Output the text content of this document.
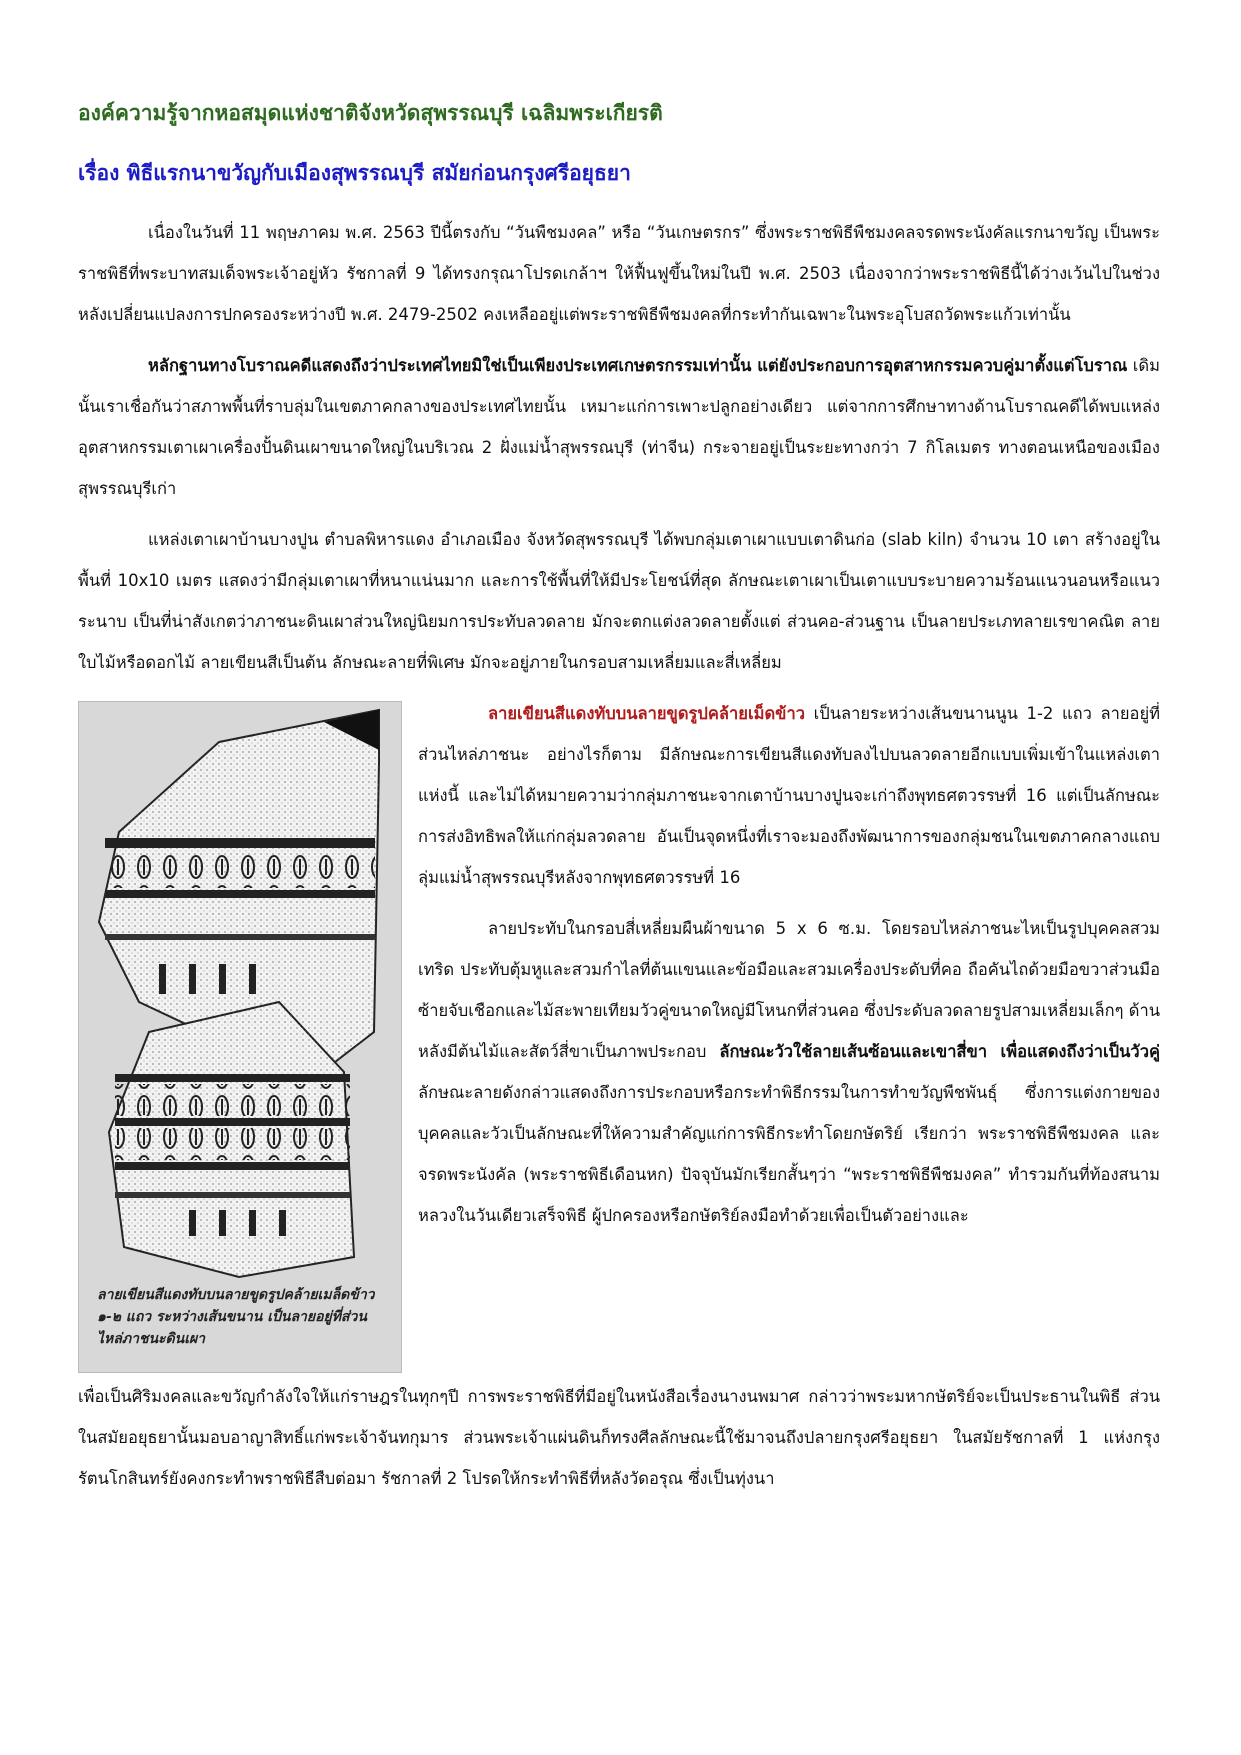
องค์ความรู้จากหอสมุดแห่งชาติจังหวัดสุพรรณบุรี เฉลิมพระเกียรติ
เรื่อง พิธีแรกนาขวัญกับเมืองสุพรรณบุรี สมัยก่อนกรุงศรีอยุธยา

เนื่องในวันที่ 11 พฤษภาคม พ.ศ. 2563 ปีนี้ตรงกับ “วันพืชมงคล” หรือ “วันเกษตรกร” ซึ่งพระราชพิธีพืชมงคลจรดพระนังคัลแรกนาขวัญ เป็นพระราชพิธีที่พระบาทสมเด็จพระเจ้าอยู่หัว รัชกาลที่ 9 ได้ทรงกรุณาโปรดเกล้าฯ ให้ฟื้นฟูขึ้นใหม่ในปี พ.ศ. 2503 เนื่องจากว่าพระราชพิธีนี้ได้ว่างเว้นไปในช่วงหลังเปลี่ยนแปลงการปกครองระหว่างปี พ.ศ. 2479-2502 คงเหลืออยู่แต่พระราชพิธีพืชมงคลที่กระทำกันเฉพาะในพระอุโบสถวัดพระแก้วเท่านั้น

หลักฐานทางโบราณคดีแสดงถึงว่าประเทศไทยมิใช่เป็นเพียงประเทศเกษตรกรรมเท่านั้น แต่ยังประกอบการอุตสาหกรรมควบคู่มาตั้งแต่โบราณ เดิมนั้นเราเชื่อกันว่าสภาพพื้นที่ราบลุ่มในเขตภาคกลางของประเทศไทยนั้น เหมาะแก่การเพาะปลูกอย่างเดียว แต่จากการศึกษาทางด้านโบราณคดีได้พบแหล่งอุตสาหกรรมเตาเผาเครื่องปั้นดินเผาขนาดใหญ่ในบริเวณ 2 ฝั่งแม่น้ำสุพรรณบุรี (ท่าจีน) กระจายอยู่เป็นระยะทางกว่า 7 กิโลเมตร ทางตอนเหนือของเมืองสุพรรณบุรีเก่า

แหล่งเตาเผาบ้านบางปูน ตำบลพิหารแดง อำเภอเมือง จังหวัดสุพรรณบุรี ได้พบกลุ่มเตาเผาแบบเตาดินก่อ (slab kiln) จำนวน 10 เตา สร้างอยู่ในพื้นที่ 10x10 เมตร แสดงว่ามีกลุ่มเตาเผาที่หนาแน่นมาก และการใช้พื้นที่ให้มีประโยชน์ที่สุด ลักษณะเตาเผาเป็นเตาแบบระบายความร้อนแนวนอนหรือแนวระนาบ เป็นที่น่าสังเกตว่าภาชนะดินเผาส่วนใหญ่นิยมการประทับลวดลาย มักจะตกแต่งลวดลายตั้งแต่ ส่วนคอ-ส่วนฐาน เป็นลายประเภทลายเรขาคณิต ลายใบไม้หรือดอกไม้ ลายเขียนสีเป็นต้น ลักษณะลายที่พิเศษ มักจะอยู่ภายในกรอบสามเหลี่ยมและสี่เหลี่ยม

ลายเขียนสีแดงทับบนลายขูดรูปคล้ายเมล็ดข้าว ๑-๒ แถว ระหว่างเส้นขนาน เป็นลายอยู่ที่ส่วนไหล่ภาชนะดินเผา

ลายเขียนสีแดงทับบนลายขูดรูปคล้ายเม็ดข้าว เป็นลายระหว่างเส้นขนานนูน 1-2 แถว ลายอยู่ที่ส่วนไหล่ภาชนะ อย่างไรก็ตาม มีลักษณะการเขียนสีแดงทับลงไปบนลวดลายอีกแบบเพิ่มเข้าในแหล่งเตาแห่งนี้ และไม่ได้หมายความว่ากลุ่มภาชนะจากเตาบ้านบางปูนจะเก่าถึงพุทธศตวรรษที่ 16 แต่เป็นลักษณะการส่งอิทธิพลให้แก่กลุ่มลวดลาย อันเป็นจุดหนึ่งที่เราจะมองถึงพัฒนาการของกลุ่มชนในเขตภาคกลางแถบลุ่มแม่น้ำสุพรรณบุรีหลังจากพุทธศตวรรษที่ 16

ลายประทับในกรอบสี่เหลี่ยมผืนผ้าขนาด 5 x 6 ซ.ม. โดยรอบไหล่ภาชนะไหเป็นรูปบุคคลสวมเทริด ประทับตุ้มหูและสวมกำไลที่ต้นแขนและข้อมือและสวมเครื่องประดับที่คอ ถือคันไถด้วยมือขวาส่วนมือซ้ายจับเชือกและไม้สะพายเทียมวัวคู่ขนาดใหญ่มีโหนกที่ส่วนคอ ซึ่งประดับลวดลายรูปสามเหลี่ยมเล็กๆ ด้านหลังมีต้นไม้และสัตว์สี่ขาเป็นภาพประกอบ ลักษณะวัวใช้ลายเส้นซ้อนและเขาสี่ขา เพื่อแสดงถึงว่าเป็นวัวคู่ ลักษณะลายดังกล่าวแสดงถึงการประกอบหรือกระทำพิธีกรรมในการทำขวัญพืชพันธุ์ ซึ่งการแต่งกายของบุคคลและวัวเป็นลักษณะที่ให้ความสำคัญแก่การพิธีกระทำโดยกษัตริย์ เรียกว่า พระราชพิธีพืชมงคล และจรดพระนังคัล (พระราชพิธีเดือนหก) ปัจจุบันมักเรียกสั้นๆว่า “พระราชพิธีพืชมงคล” ทำรวมกันที่ท้องสนามหลวงในวันเดียวเสร็จพิธี ผู้ปกครองหรือกษัตริย์ลงมือทำด้วยเพื่อเป็นตัวอย่างและ

เพื่อเป็นศิริมงคลและขวัญกำลังใจให้แก่ราษฎรในทุกๆปี การพระราชพิธีที่มีอยู่ในหนังสือเรื่องนางนพมาศ กล่าวว่าพระมหากษัตริย์จะเป็นประธานในพิธี ส่วนในสมัยอยุธยานั้นมอบอาญาสิทธิ์แก่พระเจ้าจันทกุมาร ส่วนพระเจ้าแผ่นดินก็ทรงศีลลักษณะนี้ใช้มาจนถึงปลายกรุงศรีอยุธยา ในสมัยรัชกาลที่ 1 แห่งกรุงรัตนโกสินทร์ยังคงกระทำพราชพิธีสืบต่อมา รัชกาลที่ 2 โปรดให้กระทำพิธีที่หลังวัดอรุณ ซึ่งเป็นทุ่งนา
